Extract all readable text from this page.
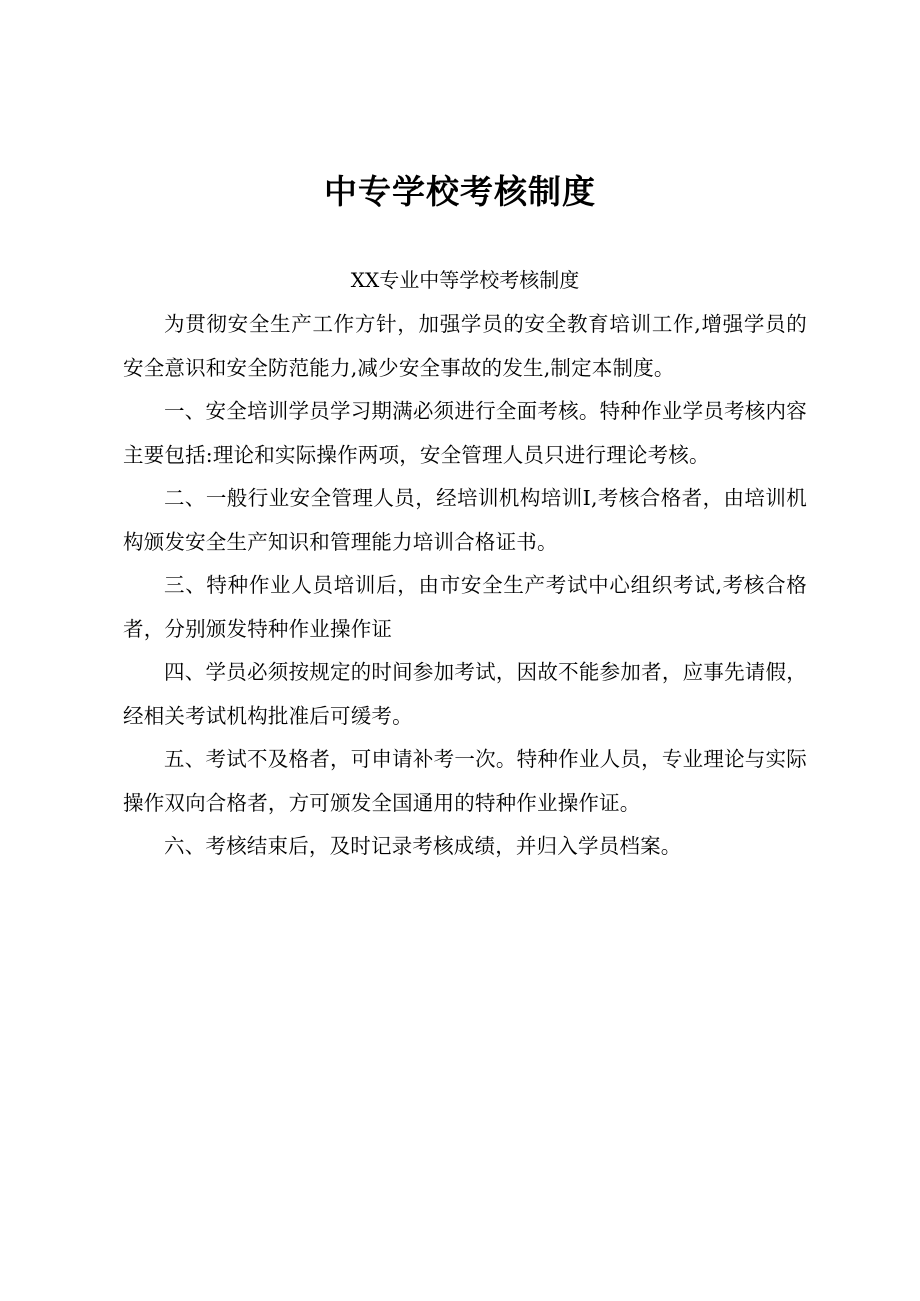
中专学校考核制度
XX专业中等学校考核制度

为贯彻安全生产工作方针，加强学员的安全教育培训工作,增强学员的安全意识和安全防范能力,减少安全事故的发生,制定本制度。

一、安全培训学员学习期满必须进行全面考核。特种作业学员考核内容主要包括:理论和实际操作两项，安全管理人员只进行理论考核。

二、一般行业安全管理人员，经培训机构培训I,考核合格者，由培训机构颁发安全生产知识和管理能力培训合格证书。

三、特种作业人员培训后，由市安全生产考试中心组织考试,考核合格者，分别颁发特种作业操作证

四、学员必须按规定的时间参加考试，因故不能参加者，应事先请假，经相关考试机构批准后可缓考。

五、考试不及格者，可申请补考一次。特种作业人员，专业理论与实际操作双向合格者，方可颁发全国通用的特种作业操作证。

六、考核结束后，及时记录考核成绩，并归入学员档案。
